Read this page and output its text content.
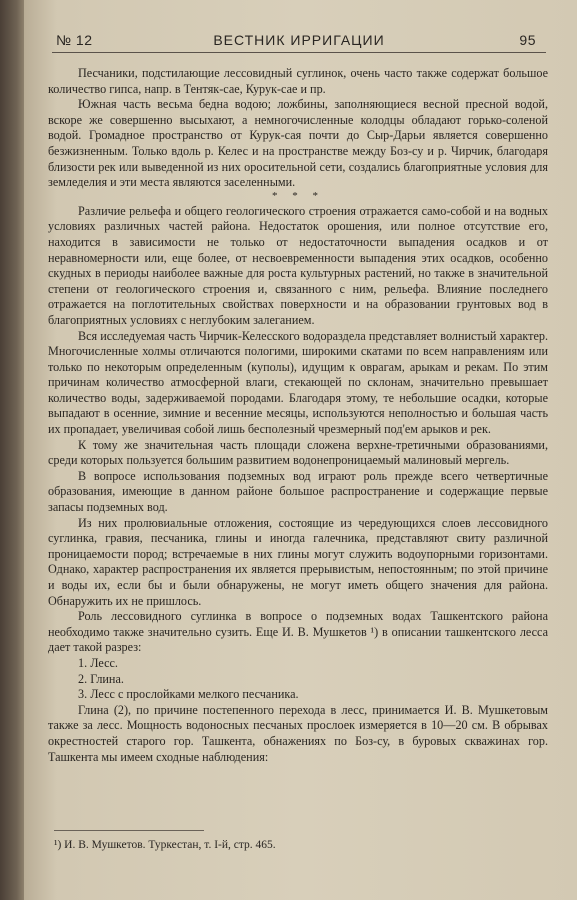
№ 12	ВЕСТНИК ИРРИГАЦИИ	95

Песчаники, подстилающие лессовидный суглинок, очень часто также содержат большое количество гипса, напр. в Тентяк-сае, Курук-сае и пр.

Южная часть весьма бедна водою; ложбины, заполняющиеся весной пресной водой, вскоре же совершенно высыхают, а немногочисленные колодцы обладают горько-соленой водой. Громадное пространство от Курук-сая почти до Сыр-Дарьи является совершенно безжизненным. Только вдоль р. Келес и на пространстве между Бoз-су и р. Чирчик, благодаря близости рек или выведенной из них оросительной сети, создались благоприятные условия для земледелия и эти места являются заселенными.

* * *

Различие рельефа и общего геологического строения отражается само-собой и на водных условиях различных частей района. Недостаток орошения, или полное отсутствие его, находится в зависимости не только от недостаточности выпадения осадков и от неравномерности или, еще более, от несвоевременности выпадения этих осадков, особенно скудных в периоды наиболее важные для роста культурных растений, но также в значительной степени от геологического строения и, связанного с ним, рельефа. Влияние последнего отражается на поглотительных свойствах поверхности и на образовании грунтовых вод в благоприятных условиях с неглубоким залеганием.

Вся исследуемая часть Чирчик-Келесского водораздела представляет волнистый характер. Многочисленные холмы отличаются пологими, широкими скатами по всем направлениям или только по некоторым определенным (куполы), идущим к оврагам, арыкам и рекам. По этим причинам количество атмосферной влаги, стекающей по склонам, значительно превышает количество воды, задерживаемой породами. Благодаря этому, те небольшие осадки, которые выпадают в осенние, зимние и весенние месяцы, используются неполностью и большая часть их пропадает, увеличивая собой лишь бесполезный чрезмерный под'ем арыков и рек.

К тому же значительная часть площади сложена верхне-третичными образованиями, среди которых пользуется большим развитием водонепроницаемый малиновый мергель.

В вопросе использования подземных вод играют роль прежде всего четвертичные образования, имеющие в данном районе большое распространение и содержащие первые запасы подземных вод.

Из них пролювиальные отложения, состоящие из чередующихся слоев лессовидного суглинка, гравия, песчаника, глины и иногда галечника, представляют свиту различной проницаемости пород; встречаемые в них глины могут служить водоупорными горизонтами. Однако, характер распространения их является прерывистым, непостоянным; по этой причине и воды их, если бы и были обнаружены, не могут иметь общего значения для района. Обнаружить их не пришлось.

Роль лессовидного суглинка в вопросе о подземных водах Ташкентского района необходимо также значительно сузить. Еще И. В. Мушкетов ¹) в описании ташкентского лесса дает такой разрез:

1. Лесс.
2. Глина.
3. Лесс с прослойками мелкого песчаника.

Глина (2), по причине постепенного перехода в лесс, принимается И. В. Мушкетовым также за лесс. Мощность водоносных песчаных прослоек измеряется в 10—20 см. В обрывах окрестностей старого гор. Ташкента, обнажениях по Бoз-су, в буровых скважинах гор. Ташкента мы имеем сходные наблюдения:

¹) И. В. Мушкетов. Туркестан, т. I-й, стр. 465.
